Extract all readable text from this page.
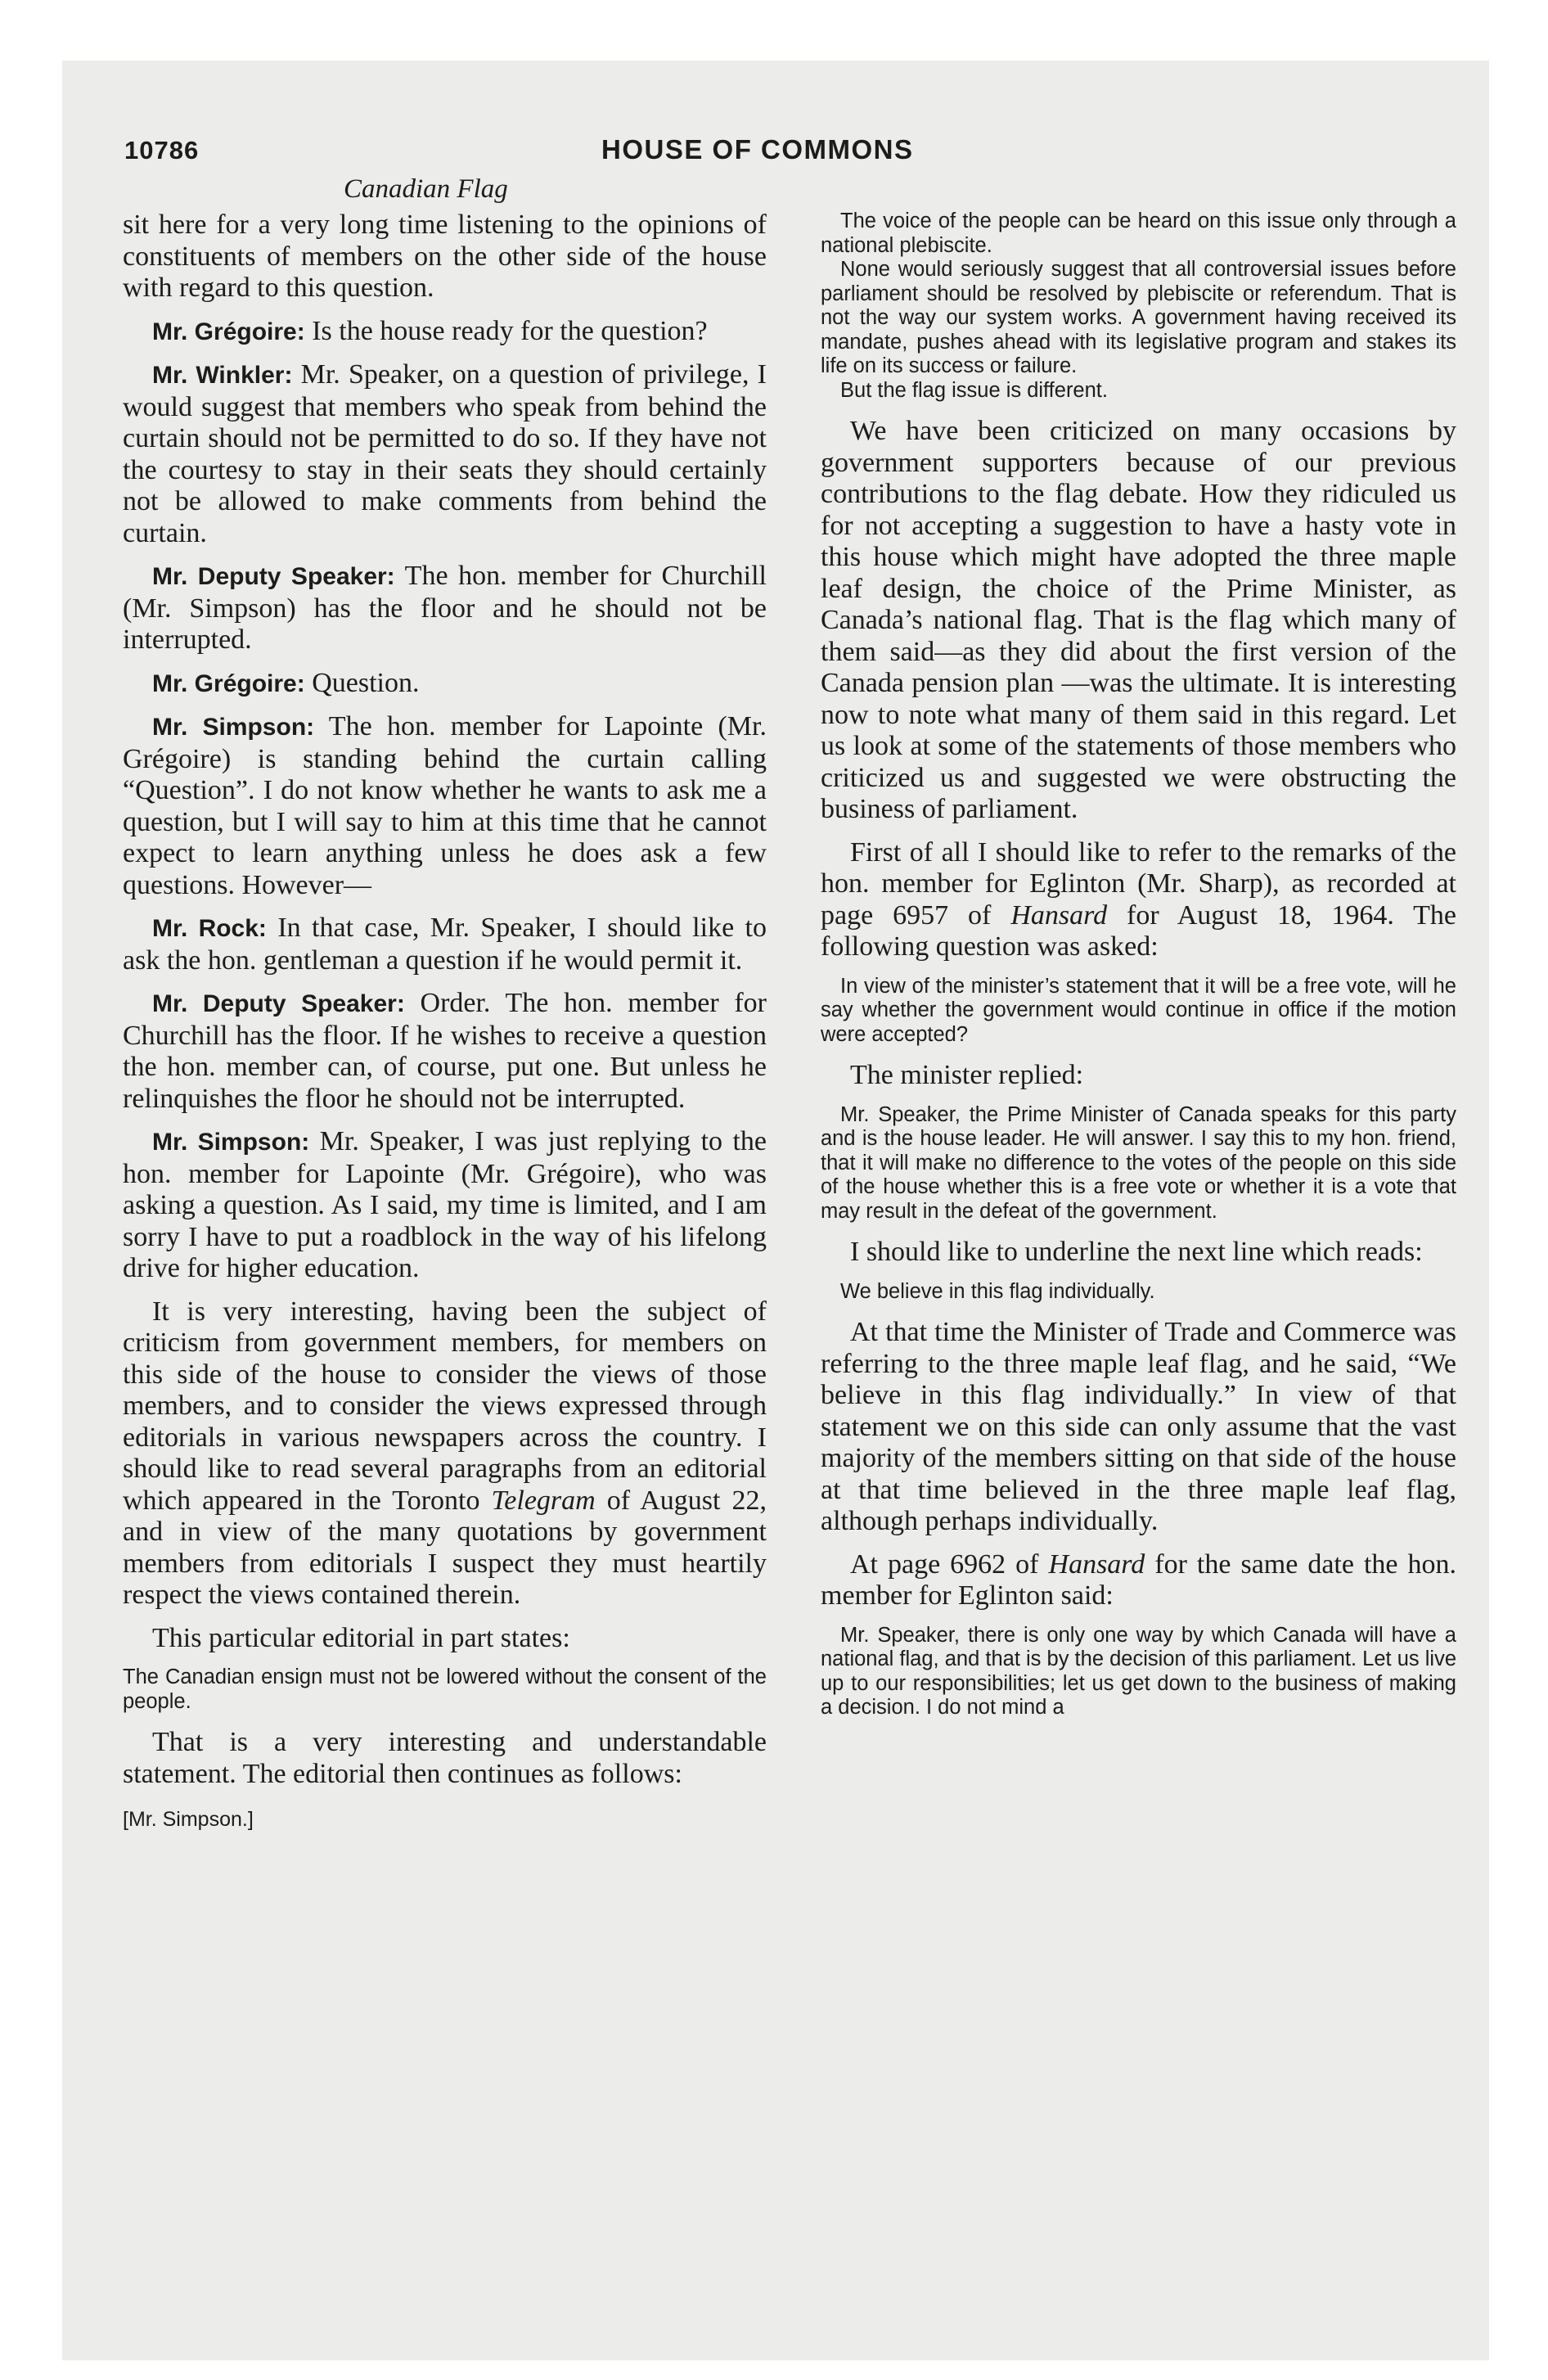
10786	HOUSE OF COMMONS
Canadian Flag

sit here for a very long time listening to the opinions of constituents of members on the other side of the house with regard to this question.

Mr. Grégoire: Is the house ready for the question?

Mr. Winkler: Mr. Speaker, on a question of privilege, I would suggest that members who speak from behind the curtain should not be permitted to do so. If they have not the courtesy to stay in their seats they should certainly not be allowed to make comments from behind the curtain.

Mr. Deputy Speaker: The hon. member for Churchill (Mr. Simpson) has the floor and he should not be interrupted.

Mr. Grégoire: Question.

Mr. Simpson: The hon. member for Lapointe (Mr. Grégoire) is standing behind the curtain calling “Question”. I do not know whether he wants to ask me a question, but I will say to him at this time that he cannot expect to learn anything unless he does ask a few questions. However—

Mr. Rock: In that case, Mr. Speaker, I should like to ask the hon. gentleman a question if he would permit it.

Mr. Deputy Speaker: Order. The hon. member for Churchill has the floor. If he wishes to receive a question the hon. member can, of course, put one. But unless he relinquishes the floor he should not be interrupted.

Mr. Simpson: Mr. Speaker, I was just replying to the hon. member for Lapointe (Mr. Grégoire), who was asking a question. As I said, my time is limited, and I am sorry I have to put a roadblock in the way of his lifelong drive for higher education.

It is very interesting, having been the subject of criticism from government members, for members on this side of the house to consider the views of those members, and to consider the views expressed through editorials in various newspapers across the country. I should like to read several paragraphs from an editorial which appeared in the Toronto Telegram of August 22, and in view of the many quotations by government members from editorials I suspect they must heartily respect the views contained therein.

This particular editorial in part states:

The Canadian ensign must not be lowered without the consent of the people.

That is a very interesting and understandable statement. The editorial then continues as follows:

[Mr. Simpson.]
The voice of the people can be heard on this issue only through a national plebiscite.
None would seriously suggest that all controversial issues before parliament should be resolved by plebiscite or referendum. That is not the way our system works. A government having received its mandate, pushes ahead with its legislative program and stakes its life on its success or failure.
But the flag issue is different.

We have been criticized on many occasions by government supporters because of our previous contributions to the flag debate. How they ridiculed us for not accepting a suggestion to have a hasty vote in this house which might have adopted the three maple leaf design, the choice of the Prime Minister, as Canada’s national flag. That is the flag which many of them said—as they did about the first version of the Canada pension plan —was the ultimate. It is interesting now to note what many of them said in this regard. Let us look at some of the statements of those members who criticized us and suggested we were obstructing the business of parliament.

First of all I should like to refer to the remarks of the hon. member for Eglinton (Mr. Sharp), as recorded at page 6957 of Hansard for August 18, 1964. The following question was asked:

In view of the minister’s statement that it will be a free vote, will he say whether the government would continue in office if the motion were accepted?

The minister replied:

Mr. Speaker, the Prime Minister of Canada speaks for this party and is the house leader. He will answer. I say this to my hon. friend, that it will make no difference to the votes of the people on this side of the house whether this is a free vote or whether it is a vote that may result in the defeat of the government.

I should like to underline the next line which reads:

We believe in this flag individually.

At that time the Minister of Trade and Commerce was referring to the three maple leaf flag, and he said, “We believe in this flag individually.” In view of that statement we on this side can only assume that the vast majority of the members sitting on that side of the house at that time believed in the three maple leaf flag, although perhaps individually.

At page 6962 of Hansard for the same date the hon. member for Eglinton said:

Mr. Speaker, there is only one way by which Canada will have a national flag, and that is by the decision of this parliament. Let us live up to our responsibilities; let us get down to the business of making a decision. I do not mind a
